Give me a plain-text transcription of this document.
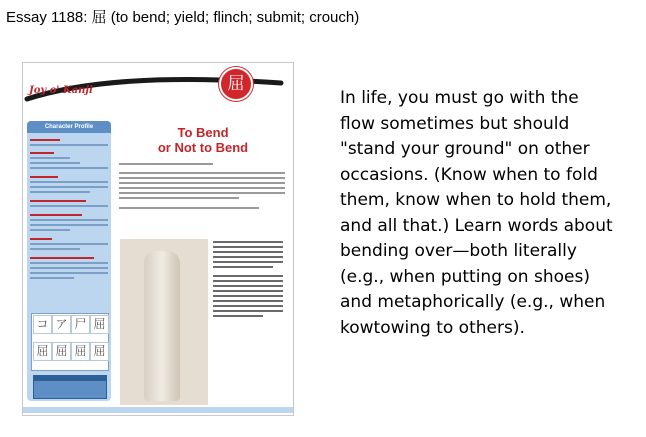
Essay 1188: 屈 (to bend; yield; flinch; submit; crouch)
Joy o' Kanji	屈
Character Profile
コ ア 尸 屈
屈 屈 屈 屈
To Bend
or Not to Bend
In life, you must go with the
flow sometimes but should
"stand your ground" on other
occasions. (Know when to fold
them, know when to hold them,
and all that.) Learn words about
bending over—both literally
(e.g., when putting on shoes)
and metaphorically (e.g., when
kowtowing to others).
